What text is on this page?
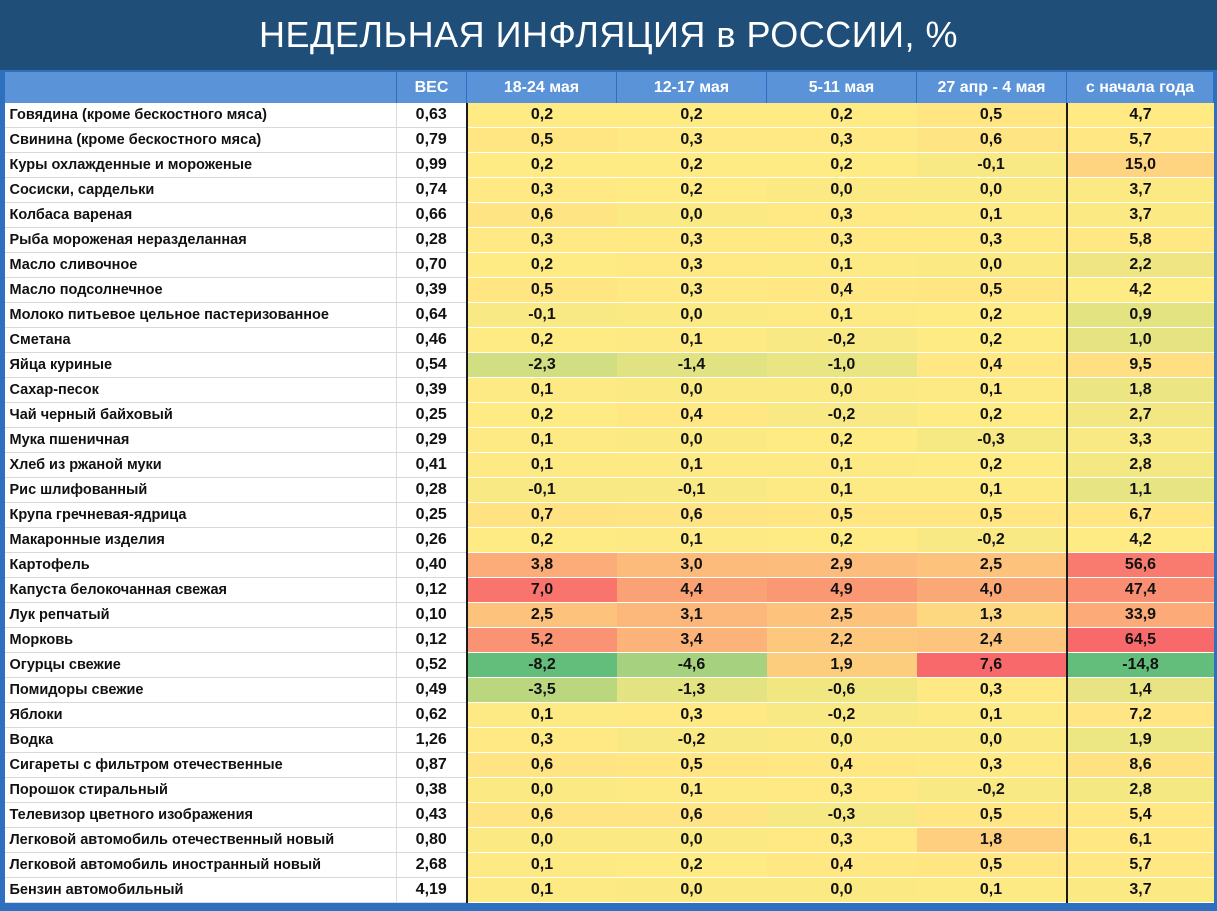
НЕДЕЛЬНАЯ ИНФЛЯЦИЯ в РОССИИ, %
	ВЕС	18-24 мая	12-17 мая	5-11 мая	27 апр - 4 мая	с начала года
Говядина (кроме бескостного мяса)	0,63	0,2	0,2	0,2	0,5	4,7
Свинина (кроме бескостного мяса)	0,79	0,5	0,3	0,3	0,6	5,7
Куры охлажденные и мороженые	0,99	0,2	0,2	0,2	-0,1	15,0
Сосиски, сардельки	0,74	0,3	0,2	0,0	0,0	3,7
Колбаса вареная	0,66	0,6	0,0	0,3	0,1	3,7
Рыба мороженая неразделанная	0,28	0,3	0,3	0,3	0,3	5,8
Масло сливочное	0,70	0,2	0,3	0,1	0,0	2,2
Масло подсолнечное	0,39	0,5	0,3	0,4	0,5	4,2
Молоко питьевое цельное пастеризованное	0,64	-0,1	0,0	0,1	0,2	0,9
Сметана	0,46	0,2	0,1	-0,2	0,2	1,0
Яйца куриные	0,54	-2,3	-1,4	-1,0	0,4	9,5
Сахар-песок	0,39	0,1	0,0	0,0	0,1	1,8
Чай черный байховый	0,25	0,2	0,4	-0,2	0,2	2,7
Мука пшеничная	0,29	0,1	0,0	0,2	-0,3	3,3
Хлеб из ржаной муки	0,41	0,1	0,1	0,1	0,2	2,8
Рис шлифованный	0,28	-0,1	-0,1	0,1	0,1	1,1
Крупа гречневая-ядрица	0,25	0,7	0,6	0,5	0,5	6,7
Макаронные изделия	0,26	0,2	0,1	0,2	-0,2	4,2
Картофель	0,40	3,8	3,0	2,9	2,5	56,6
Капуста белокочанная свежая	0,12	7,0	4,4	4,9	4,0	47,4
Лук репчатый	0,10	2,5	3,1	2,5	1,3	33,9
Морковь	0,12	5,2	3,4	2,2	2,4	64,5
Огурцы свежие	0,52	-8,2	-4,6	1,9	7,6	-14,8
Помидоры свежие	0,49	-3,5	-1,3	-0,6	0,3	1,4
Яблоки	0,62	0,1	0,3	-0,2	0,1	7,2
Водка	1,26	0,3	-0,2	0,0	0,0	1,9
Сигареты с фильтром отечественные	0,87	0,6	0,5	0,4	0,3	8,6
Порошок стиральный	0,38	0,0	0,1	0,3	-0,2	2,8
Телевизор цветного изображения	0,43	0,6	0,6	-0,3	0,5	5,4
Легковой автомобиль отечественный новый	0,80	0,0	0,0	0,3	1,8	6,1
Легковой автомобиль иностранный новый	2,68	0,1	0,2	0,4	0,5	5,7
Бензин автомобильный	4,19	0,1	0,0	0,0	0,1	3,7
